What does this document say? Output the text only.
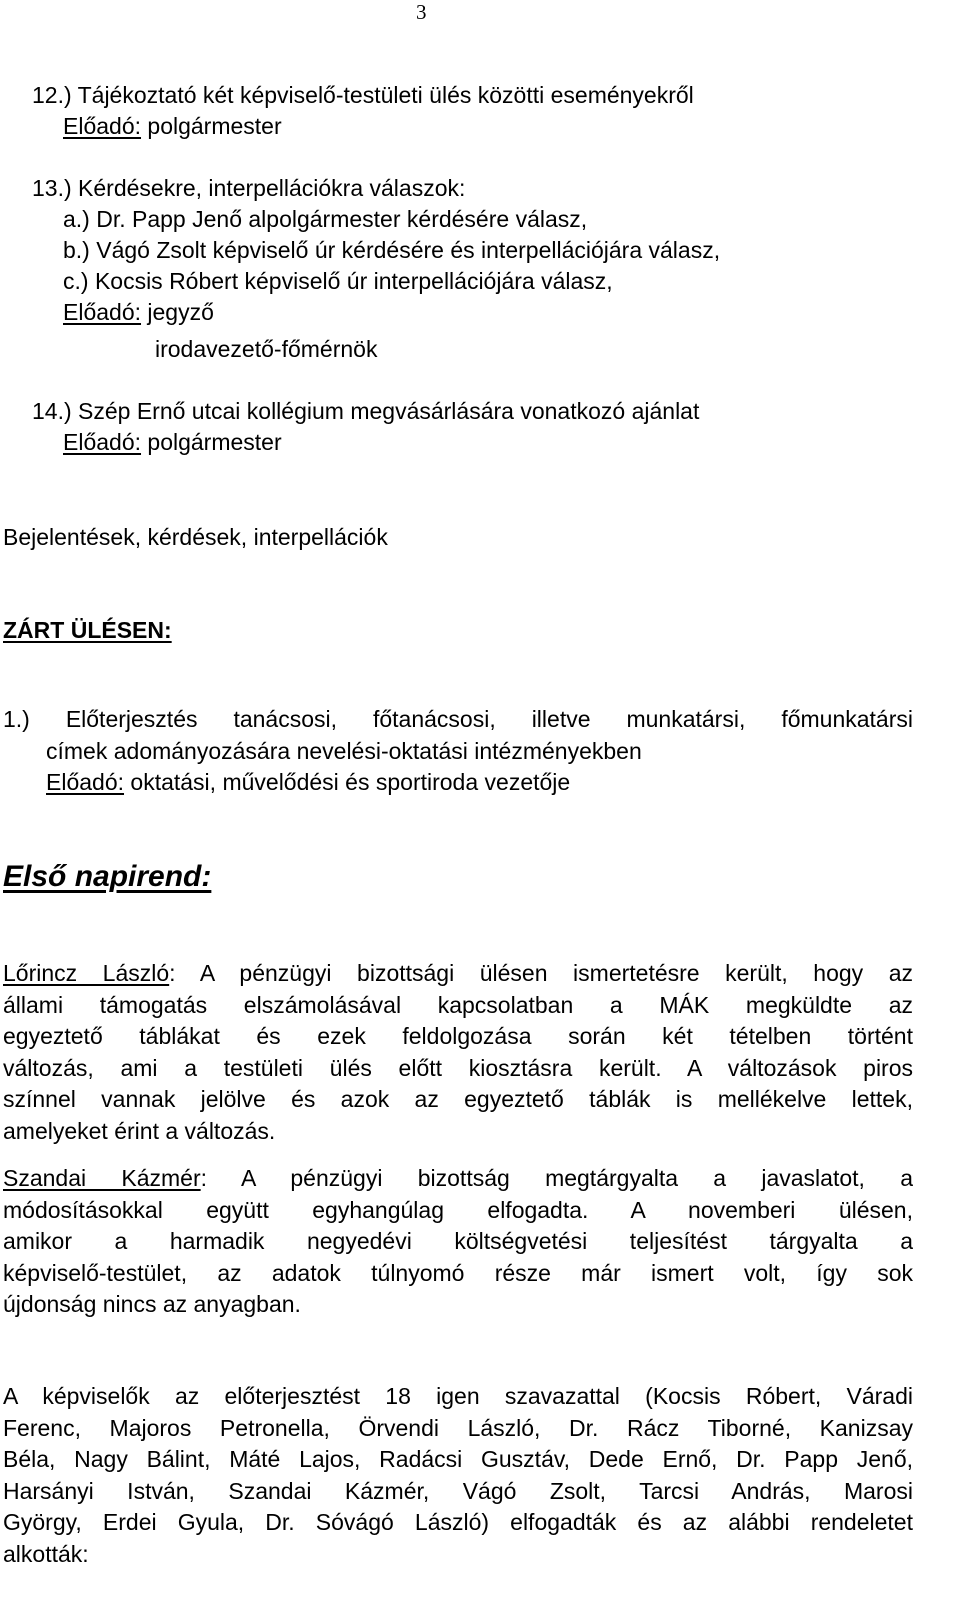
3
12.) Tájékoztató két képviselő-testületi ülés közötti eseményekről
Előadó: polgármester
13.) Kérdésekre, interpellációkra válaszok:
a.) Dr. Papp Jenő alpolgármester kérdésére válasz,
b.) Vágó Zsolt képviselő úr kérdésére és interpellációjára válasz,
c.) Kocsis Róbert képviselő úr interpellációjára válasz,
Előadó: jegyző
irodavezető-főmérnök
14.) Szép Ernő utcai kollégium megvásárlására vonatkozó ajánlat
Előadó: polgármester
Bejelentések, kérdések, interpellációk
ZÁRT ÜLÉSEN:
1.) Előterjesztés tanácsosi, főtanácsosi, illetve munkatársi, főmunkatársi
címek adományozására nevelési-oktatási intézményekben
Előadó: oktatási, művelődési és sportiroda vezetője
Első napirend:
Lőrincz László: A pénzügyi bizottsági ülésen ismertetésre került, hogy az
állami támogatás elszámolásával kapcsolatban a MÁK megküldte az
egyeztető táblákat és ezek feldolgozása során két tételben történt
változás, ami a testületi ülés előtt kiosztásra került. A változások piros
színnel vannak jelölve és azok az egyeztető táblák is mellékelve lettek,
amelyeket érint a változás.
Szandai Kázmér: A pénzügyi bizottság megtárgyalta a javaslatot, a
módosításokkal együtt egyhangúlag elfogadta. A novemberi ülésen,
amikor a harmadik negyedévi költségvetési teljesítést tárgyalta a
képviselő-testület, az adatok túlnyomó része már ismert volt, így sok
újdonság nincs az anyagban.
A képviselők az előterjesztést 18 igen szavazattal (Kocsis Róbert, Váradi
Ferenc, Majoros Petronella, Örvendi László, Dr. Rácz Tiborné, Kanizsay
Béla, Nagy Bálint, Máté Lajos, Radácsi Gusztáv, Dede Ernő, Dr. Papp Jenő,
Harsányi István, Szandai Kázmér, Vágó Zsolt, Tarcsi András, Marosi
György, Erdei Gyula, Dr. Sóvágó László) elfogadták és az alábbi rendeletet
alkották:
